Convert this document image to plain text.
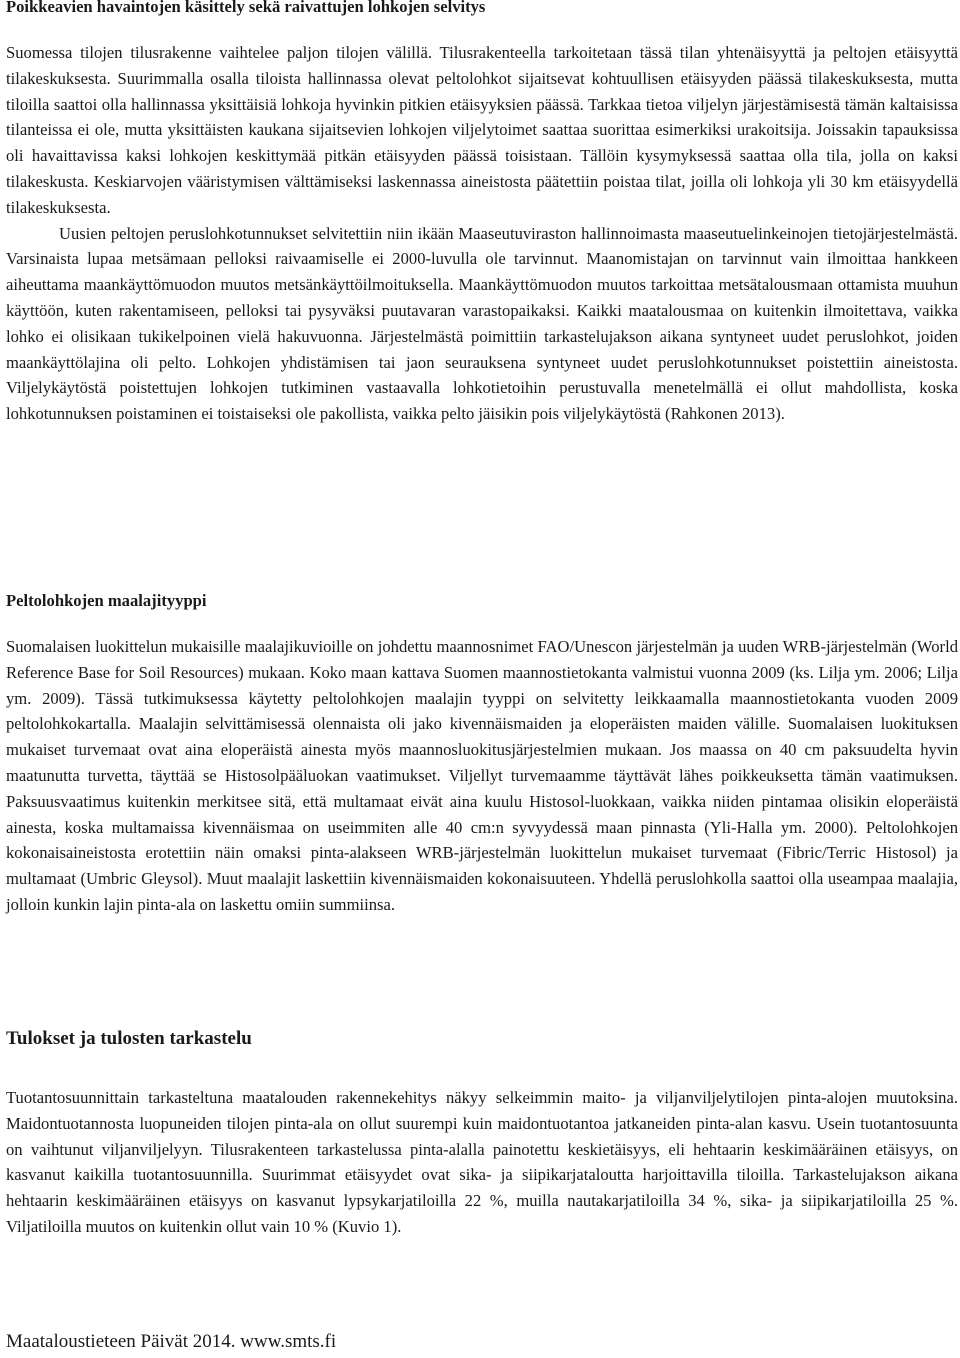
Poikkeavien havaintojen käsittely sekä raivattujen lohkojen selvitys

Suomessa tilojen tilusrakenne vaihtelee paljon tilojen välillä. Tilusrakenteella tarkoitetaan tässä tilan yhtenäisyyttä ja peltojen etäisyyttä tilakeskuksesta. Suurimmalla osalla tiloista hallinnassa olevat peltolohkot sijaitsevat kohtuullisen etäisyyden päässä tilakeskuksesta, mutta tiloilla saattoi olla hallinnassa yksittäisiä lohkoja hyvinkin pitkien etäisyyksien päässä. Tarkkaa tietoa viljelyn järjestämisestä tämän kaltaisissa tilanteissa ei ole, mutta yksittäisten kaukana sijaitsevien lohkojen viljelytoimet saattaa suorittaa esimerkiksi urakoitsija. Joissakin tapauksissa oli havaittavissa kaksi lohkojen keskittymää pitkän etäisyyden päässä toisistaan. Tällöin kysymyksessä saattaa olla tila, jolla on kaksi tilakeskusta. Keskiarvojen vääristymisen välttämiseksi laskennassa aineistosta päätettiin poistaa tilat, joilla oli lohkoja yli 30 km etäisyydellä tilakeskuksesta.

Uusien peltojen peruslohkotunnukset selvitettiin niin ikään Maaseutuviraston hallinnoimasta maaseutuelinkeinojen tietojärjestelmästä. Varsinaista lupaa metsämaan pelloksi raivaamiselle ei 2000-luvulla ole tarvinnut. Maanomistajan on tarvinnut vain ilmoittaa hankkeen aiheuttama maankäyttömuodon muutos metsänkäyttöilmoituksella. Maankäyttömuodon muutos tarkoittaa metsätalousmaan ottamista muuhun käyttöön, kuten rakentamiseen, pelloksi tai pysyväksi puutavaran varastopaikaksi. Kaikki maatalousmaa on kuitenkin ilmoitettava, vaikka lohko ei olisikaan tukikelpoinen vielä hakuvuonna. Järjestelmästä poimittiin tarkastelujakson aikana syntyneet uudet peruslohkot, joiden maankäyttölajina oli pelto. Lohkojen yhdistämisen tai jaon seurauksena syntyneet uudet peruslohkotunnukset poistettiin aineistosta. Viljelykäytöstä poistettujen lohkojen tutkiminen vastaavalla lohkotietoihin perustuvalla menetelmällä ei ollut mahdollista, koska lohkotunnuksen poistaminen ei toistaiseksi ole pakollista, vaikka pelto jäisikin pois viljelykäytöstä (Rahkonen 2013).

Peltolohkojen maalajityyppi

Suomalaisen luokittelun mukaisille maalajikuvioille on johdettu maannosnimet FAO/Unescon järjestelmän ja uuden WRB-järjestelmän (World Reference Base for Soil Resources) mukaan. Koko maan kattava Suomen maannostietokanta valmistui vuonna 2009 (ks. Lilja ym. 2006; Lilja ym. 2009). Tässä tutkimuksessa käytetty peltolohkojen maalajin tyyppi on selvitetty leikkaamalla maannostietokanta vuoden 2009 peltolohkokartalla. Maalajin selvittämisessä olennaista oli jako kivennäismaiden ja eloperäisten maiden välille. Suomalaisen luokituksen mukaiset turvemaat ovat aina eloperäistä ainesta myös maannosluokitusjärjestelmien mukaan. Jos maassa on 40 cm paksuudelta hyvin maatunutta turvetta, täyttää se Histosolpääluokan vaatimukset. Viljellyt turvemaamme täyttävät lähes poikkeuksetta tämän vaatimuksen. Paksuusvaatimus kuitenkin merkitsee sitä, että multamaat eivät aina kuulu Histosol-luokkaan, vaikka niiden pintamaa olisikin eloperäistä ainesta, koska multamaissa kivennäismaa on useimmiten alle 40 cm:n syvyydessä maan pinnasta (Yli-Halla ym. 2000). Peltolohkojen kokonaisaineistosta erotettiin näin omaksi pinta-alakseen WRB-järjestelmän luokittelun mukaiset turvemaat (Fibric/Terric Histosol) ja multamaat (Umbric Gleysol). Muut maalajit laskettiin kivennäismaiden kokonaisuuteen. Yhdellä peruslohkolla saattoi olla useampaa maalajia, jolloin kunkin lajin pinta-ala on laskettu omiin summiinsa.

Tulokset ja tulosten tarkastelu

Tuotantosuunnittain tarkasteltuna maatalouden rakennekehitys näkyy selkeimmin maito- ja viljanviljelytilojen pinta-alojen muutoksina. Maidontuotannosta luopuneiden tilojen pinta-ala on ollut suurempi kuin maidontuotantoa jatkaneiden pinta-alan kasvu. Usein tuotantosuunta on vaihtunut viljanviljelyyn. Tilusrakenteen tarkastelussa pinta-alalla painotettu keskietäisyys, eli hehtaarin keskimääräinen etäisyys, on kasvanut kaikilla tuotantosuunnilla. Suurimmat etäisyydet ovat sika- ja siipikarjataloutta harjoittavilla tiloilla. Tarkastelujakson aikana hehtaarin keskimääräinen etäisyys on kasvanut lypsykarjatiloilla 22 %, muilla nautakarjatiloilla 34 %, sika- ja siipikarjatiloilla 25 %. Viljatiloilla muutos on kuitenkin ollut vain 10 % (Kuvio 1).

Maataloustieteen Päivät 2014. www.smts.fi
